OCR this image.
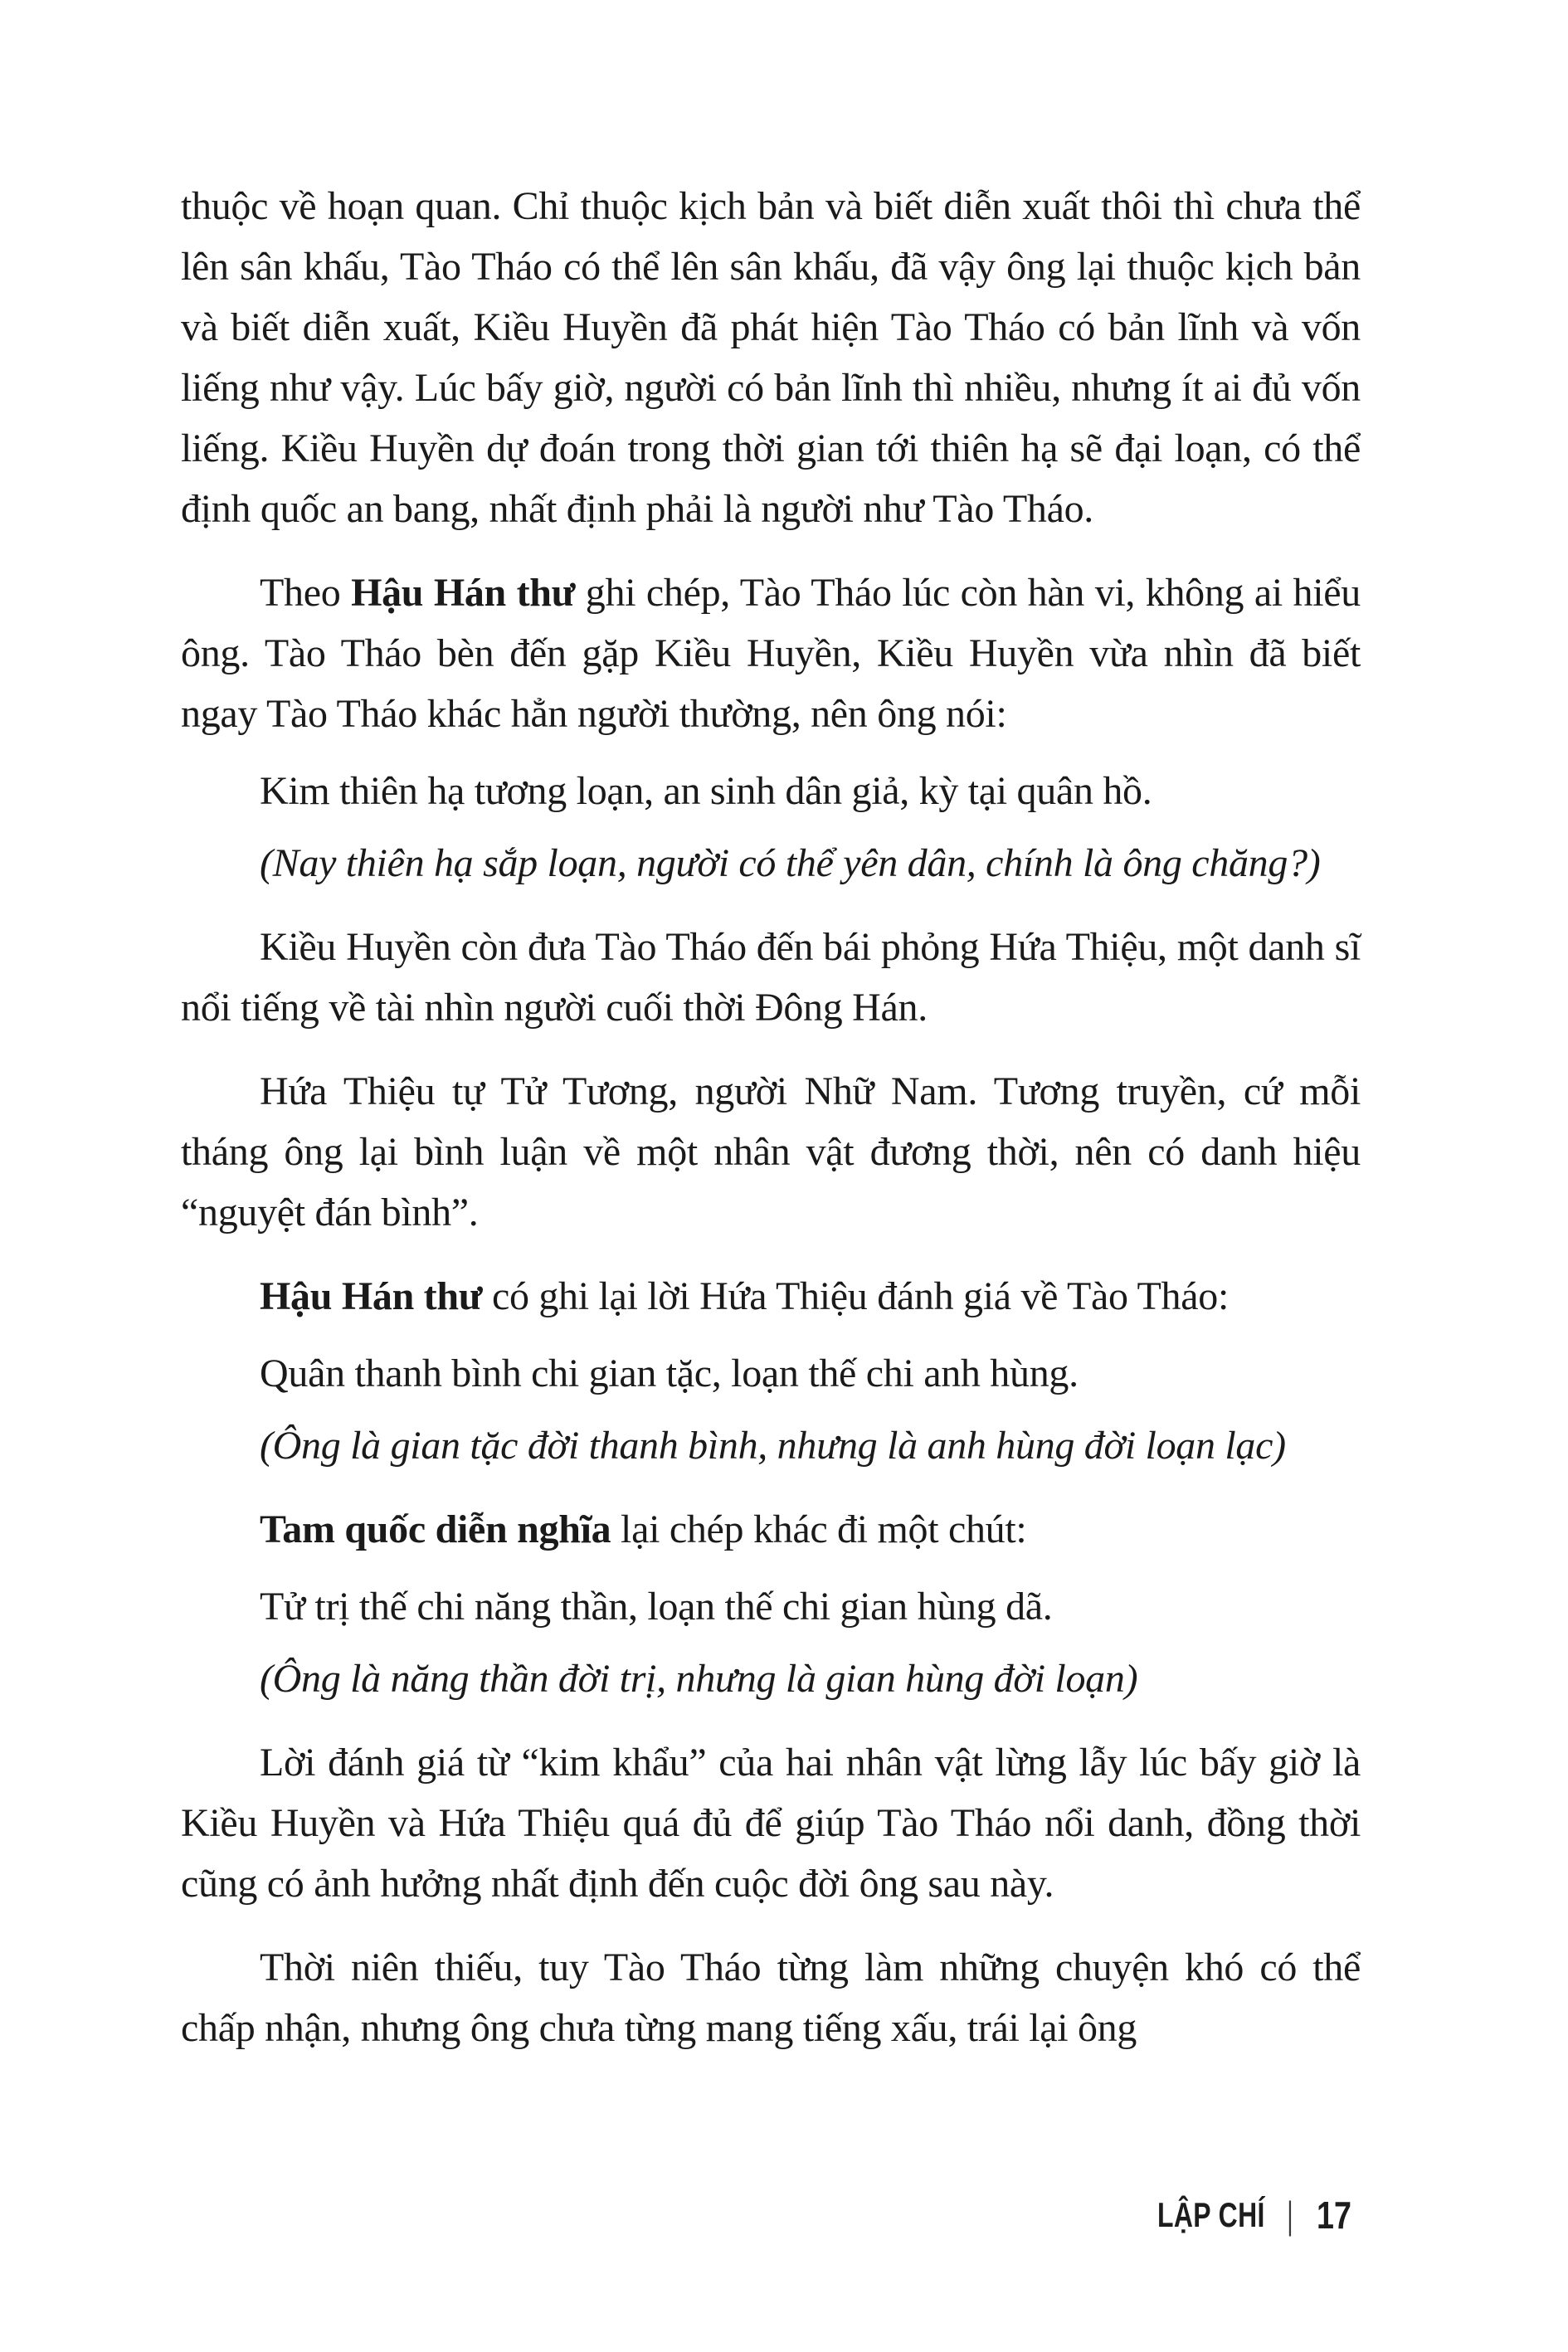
thuộc về hoạn quan. Chỉ thuộc kịch bản và biết diễn xuất thôi thì chưa thể lên sân khấu, Tào Tháo có thể lên sân khấu, đã vậy ông lại thuộc kịch bản và biết diễn xuất, Kiều Huyền đã phát hiện Tào Tháo có bản lĩnh và vốn liếng như vậy. Lúc bấy giờ, người có bản lĩnh thì nhiều, nhưng ít ai đủ vốn liếng. Kiều Huyền dự đoán trong thời gian tới thiên hạ sẽ đại loạn, có thể định quốc an bang, nhất định phải là người như Tào Tháo.

Theo Hậu Hán thư ghi chép, Tào Tháo lúc còn hàn vi, không ai hiểu ông. Tào Tháo bèn đến gặp Kiều Huyền, Kiều Huyền vừa nhìn đã biết ngay Tào Tháo khác hẳn người thường, nên ông nói:

Kim thiên hạ tương loạn, an sinh dân giả, kỳ tại quân hồ.

(Nay thiên hạ sắp loạn, người có thể yên dân, chính là ông chăng?)

Kiều Huyền còn đưa Tào Tháo đến bái phỏng Hứa Thiệu, một danh sĩ nổi tiếng về tài nhìn người cuối thời Đông Hán.

Hứa Thiệu tự Tử Tương, người Nhữ Nam. Tương truyền, cứ mỗi tháng ông lại bình luận về một nhân vật đương thời, nên có danh hiệu “nguyệt đán bình”.

Hậu Hán thư có ghi lại lời Hứa Thiệu đánh giá về Tào Tháo:

Quân thanh bình chi gian tặc, loạn thế chi anh hùng.

(Ông là gian tặc đời thanh bình, nhưng là anh hùng đời loạn lạc)

Tam quốc diễn nghĩa lại chép khác đi một chút:

Tử trị thế chi năng thần, loạn thế chi gian hùng dã.

(Ông là năng thần đời trị, nhưng là gian hùng đời loạn)

Lời đánh giá từ “kim khẩu” của hai nhân vật lừng lẫy lúc bấy giờ là Kiều Huyền và Hứa Thiệu quá đủ để giúp Tào Tháo nổi danh, đồng thời cũng có ảnh hưởng nhất định đến cuộc đời ông sau này.

Thời niên thiếu, tuy Tào Tháo từng làm những chuyện khó có thể chấp nhận, nhưng ông chưa từng mang tiếng xấu, trái lại ông

LẬP CHÍ | 17
